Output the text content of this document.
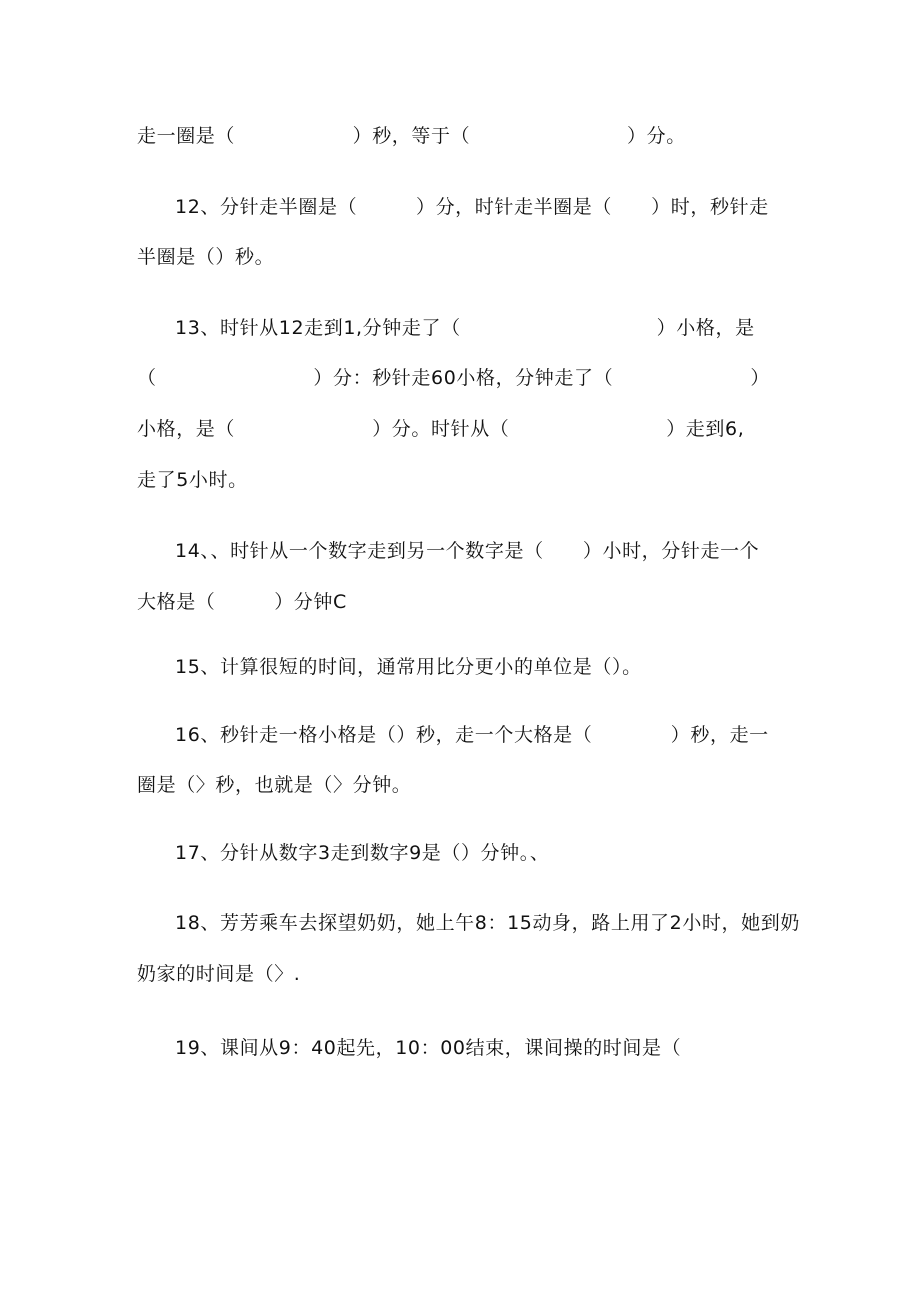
走一圈是（　　　　　　）秒，等于（　　　　　　　　）分。
12、分针走半圈是（　　　）分，时针走半圈是（　　）时，秒针走
半圈是（）秒。
13、时针从12走到1,分钟走了（　　　　　　　　　　）小格，是
（　　　　　　　　）分：秒针走60小格，分钟走了（　　　　　　　）
小格，是（　　　　　　　）分。时针从（　　　　　　　　）走到6,
走了5小时。
14、、时针从一个数字走到另一个数字是（　　）小时，分针走一个
大格是（　　　）分钟C
15、计算很短的时间，通常用比分更小的单位是（）。
16、秒针走一格小格是（）秒，走一个大格是（　　　　）秒，走一
圈是（〉秒，也就是（〉分钟。
17、分针从数字3走到数字9是（）分钟。、
18、芳芳乘车去探望奶奶，她上午8：15动身，路上用了2小时，她到奶
奶家的时间是（〉.
19、课间从9：40起先，10：00结束，课间操的时间是（
